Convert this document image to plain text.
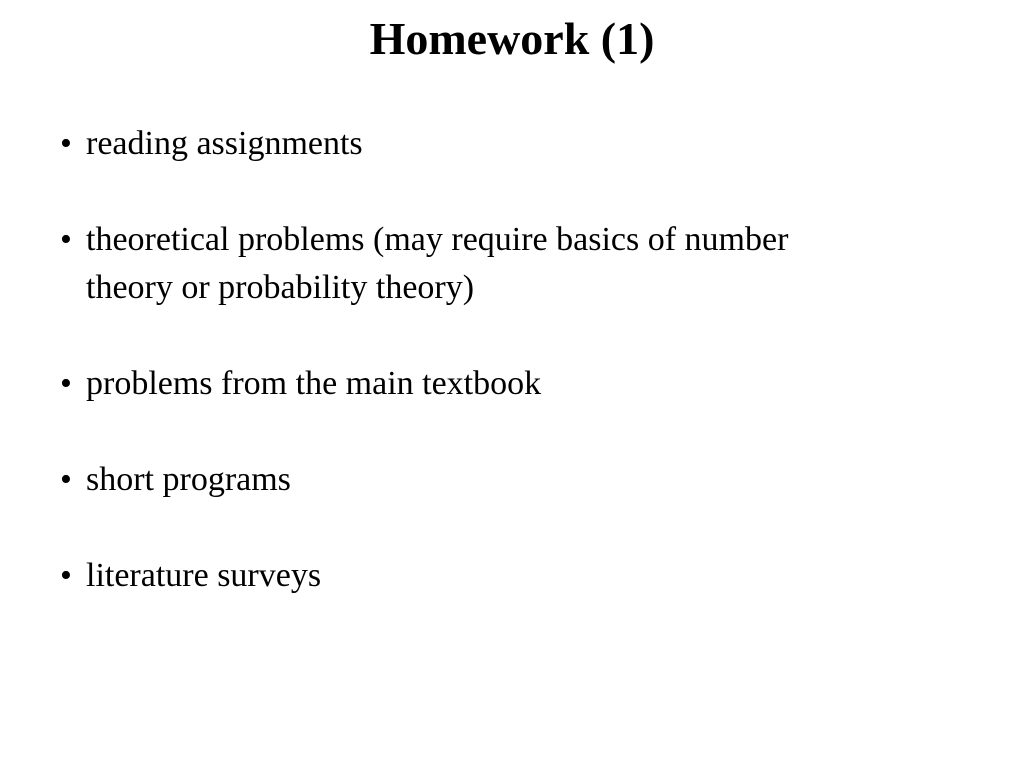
Homework (1)
• reading assignments
• theoretical problems (may require basics of number theory or probability theory)
• problems from the main textbook
• short programs
• literature surveys
